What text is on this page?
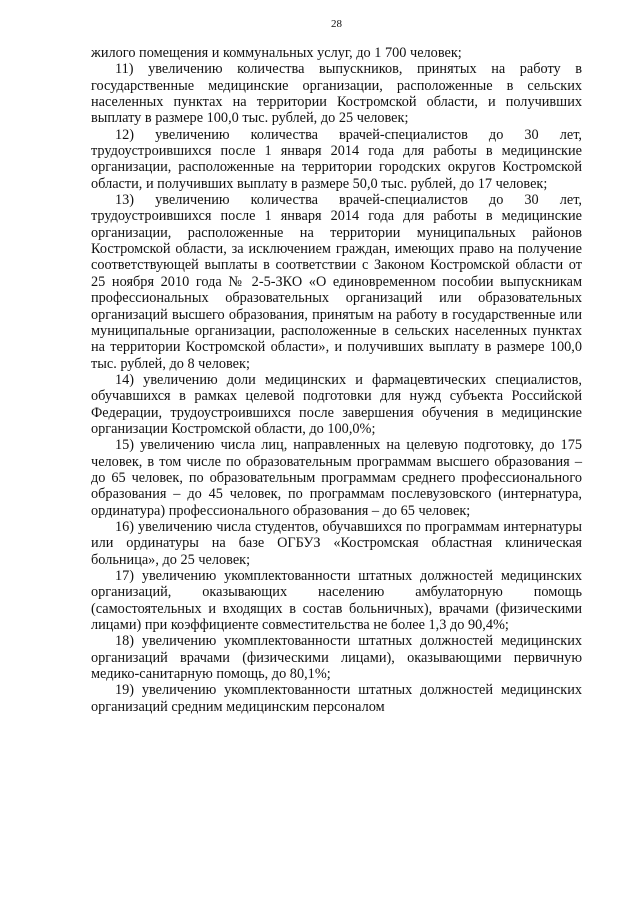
28

жилого помещения и коммунальных услуг, до 1 700 человек;

11) увеличению количества выпускников, принятых на работу в государственные медицинские организации, расположенные в сельских населенных пунктах на территории Костромской области, и получивших выплату в размере 100,0 тыс. рублей, до 25 человек;

12) увеличению количества врачей-специалистов до 30 лет, трудоустроившихся после 1 января 2014 года для работы в медицинские организации, расположенные на территории городских округов Костромской области, и получивших выплату в размере 50,0 тыс. рублей, до 17 человек;

13) увеличению количества врачей-специалистов до 30 лет, трудоустроившихся после 1 января 2014 года для работы в медицинские организации, расположенные на территории муниципальных районов Костромской области, за исключением граждан, имеющих право на получение соответствующей выплаты в соответствии с Законом Костромской области от 25 ноября 2010 года № 2-5-ЗКО «О единовременном пособии выпускникам профессиональных образовательных организаций или образовательных организаций высшего образования, принятым на работу в государственные или муниципальные организации, расположенные в сельских населенных пунктах на территории Костромской области», и получивших выплату в размере 100,0 тыс. рублей, до 8 человек;

14) увеличению доли медицинских и фармацевтических специалистов, обучавшихся в рамках целевой подготовки для нужд субъекта Российской Федерации, трудоустроившихся после завершения обучения в медицинские организации Костромской области, до 100,0%;

15) увеличению числа лиц, направленных на целевую подготовку, до 175 человек, в том числе по образовательным программам высшего образования – до 65 человек, по образовательным программам среднего профессионального образования – до 45 человек, по программам послевузовского (интернатура, ординатура) профессионального образования – до 65 человек;

16) увеличению числа студентов, обучавшихся по программам интернатуры или ординатуры на базе ОГБУЗ «Костромская областная клиническая больница», до 25 человек;

17) увеличению укомплектованности штатных должностей медицинских организаций, оказывающих населению амбулаторную помощь (самостоятельных и входящих в состав больничных), врачами (физическими лицами) при коэффициенте совместительства не более 1,3 до 90,4%;

18) увеличению укомплектованности штатных должностей медицинских организаций врачами (физическими лицами), оказывающими первичную медико-санитарную помощь, до 80,1%;

19) увеличению укомплектованности штатных должностей медицинских организаций средним медицинским персоналом
